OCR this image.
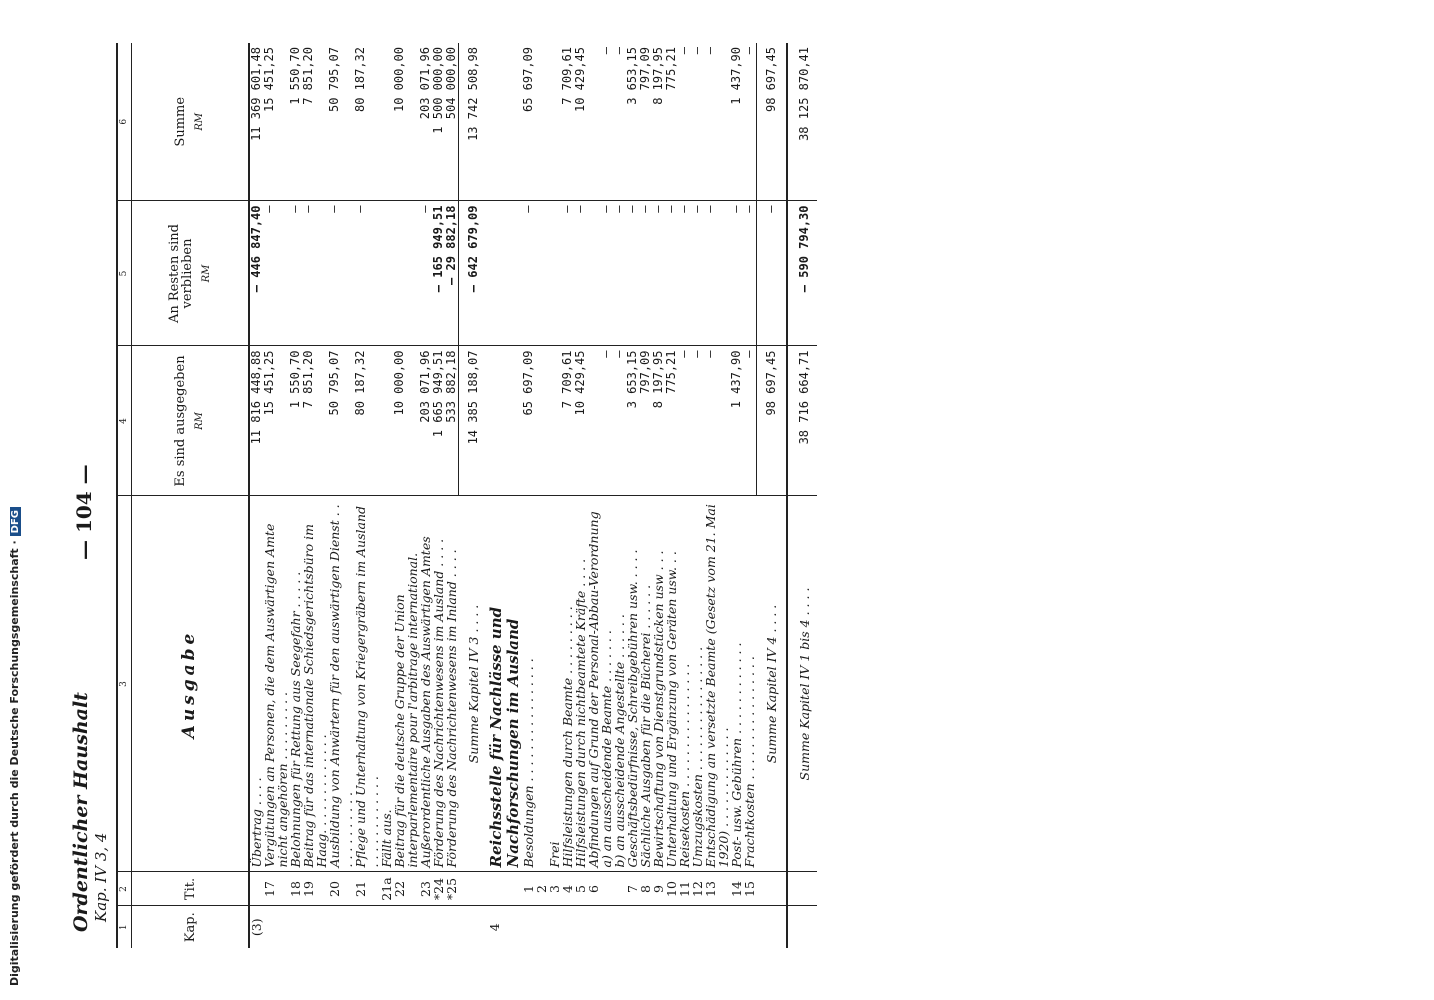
Digitalisierung gefördert durch die Deutsche Forschungsgemeinschaft ·DFG
Ordentlicher Haushalt Kap. IV 3, 4
— 104 —
1	2	3	4	5	6
Kap.	Tit.	Ausgabe	Es sind ausgegeben RM	An Resten sind verblieben RM	Summe RM

(3)		Übertrag . . . .	11 816 448,88	— 446 847,40	11 369 601,48
	17	Vergütungen an Personen, die dem Auswärtigen Amte nicht angehören . . . . . . . . .	15 451,25	—	15 451,25
	18	Belohnungen für Rettung aus Seegefahr . . . . .	1 550,70	—	1 550,70
	19	Beitrag für das internationale Schiedsgerichtsbüro im Haag. . . . . . . . . . . . .	7 851,20	—	7 851,20
	20	Ausbildung von Anwärtern für den auswärtigen Dienst . . . . . . . . . . . .	50 795,07	—	50 795,07
	21	Pflege und Unterhaltung von Kriegergräbern im Ausland . . . . . . . . . . . .	80 187,32	—	80 187,32
	21a	Fällt aus.			
	22	Beitrag für die deutsche Gruppe der Union interparlementaire pour l'arbitrage international.	10 000,00		10 000,00
	23	Außerordentliche Ausgaben des Auswärtigen Amtes	203 071,96	—	203 071,96
	*24	Förderung des Nachrichtenwesens im Ausland . . . .	1 665 949,51	— 165 949,51	1 500 000,00
	*25	Förderung des Nachrichtenwesens im Inland . . . .	533 882,18	— 29 882,18	504 000,00
		Summe Kapitel IV 3 . . . .	14 385 188,07	— 642 679,09	13 742 508,98
4		Reichsstelle für Nachlässe und Nachforschungen im Ausland			
	1	Besoldungen . . . . . . . . . . . . . . . .	65 697,09	—	65 697,09
	2				
	3	Frei			
	4	Hilfsleistungen durch Beamte . . . . . . . . .	7 709,61	—	7 709,61
	5	Hilfsleistungen durch nichtbeamtete Kräfte . . . .	10 429,45	—	10 429,45
	6	Abfindungen auf Grund der Personal-Abbau-Verordnung			
		a) an ausscheidende Beamte . . . . . . .	—	—	—
		b) an ausscheidende Angestellte . . . . . .	—	—	—
	7	Geschäftsbedürfnisse, Schreibgebühren usw. . . . .	3 653,15	—	3 653,15
	8	Sächliche Ausgaben für die Bücherei . . . . . .	797,09	—	797,09
	9	Bewirtschaftung von Dienstgrundstücken usw . . .	8 197,95	—	8 197,95
	10	Unterhaltung und Ergänzung von Geräten usw. . .	775,21	—	775,21
	11	Reisekosten . . . . . . . . . . . . . . . .	—	—	—
	12	Umzugskosten . . . . . . . . . . . . . . . .	—	—	—
	13	Entschädigung an versetzte Beamte (Gesetz vom 21. Mai 1920) . . . . . . . . . . . . .	—	—	—
	14	Post- usw. Gebühren . . . . . . . . . . . .	1 437,90	—	1 437,90
	15	Frachtkosten . . . . . . . . . . . . . . . .	—	—	—
		Summe Kapitel IV 4 . . . .	98 697,45	—	98 697,45
		Summe Kapitel IV 1 bis 4 . . . .	38 716 664,71	— 590 794,30	38 125 870,41
